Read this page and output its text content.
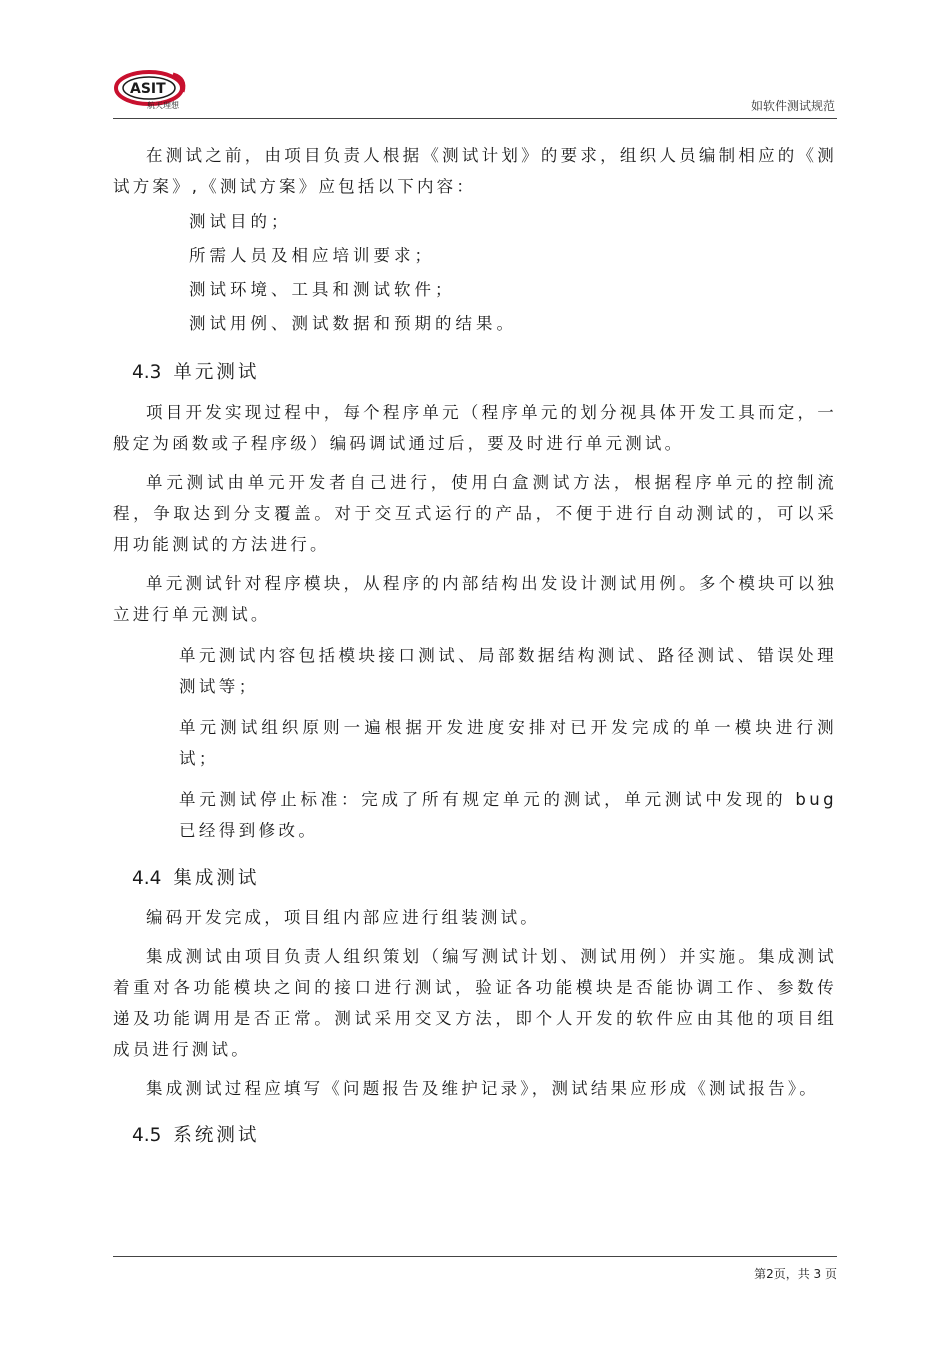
ASIT
航天理想	如软件测试规范

在测试之前，由项目负责人根据《测试计划》的要求，组织人员编制相应的《测试方案》,《测试方案》应包括以下内容：

测试目的；

所需人员及相应培训要求；

测试环境、工具和测试软件；

测试用例、测试数据和预期的结果。

4.3 单元测试

项目开发实现过程中，每个程序单元（程序单元的划分视具体开发工具而定，一般定为函数或子程序级）编码调试通过后，要及时进行单元测试。

单元测试由单元开发者自己进行，使用白盒测试方法，根据程序单元的控制流程，争取达到分支覆盖。对于交互式运行的产品，不便于进行自动测试的，可以采用功能测试的方法进行。

单元测试针对程序模块，从程序的内部结构出发设计测试用例。多个模块可以独立进行单元测试。

单元测试内容包括模块接口测试、局部数据结构测试、路径测试、错误处理测试等；

单元测试组织原则一遍根据开发进度安排对已开发完成的单一模块进行测试；

单元测试停止标准：完成了所有规定单元的测试，单元测试中发现的 bug 已经得到修改。

4.4 集成测试

编码开发完成，项目组内部应进行组装测试。

集成测试由项目负责人组织策划（编写测试计划、测试用例）并实施。集成测试着重对各功能模块之间的接口进行测试，验证各功能模块是否能协调工作、参数传递及功能调用是否正常。测试采用交叉方法，即个人开发的软件应由其他的项目组成员进行测试。

集成测试过程应填写《问题报告及维护记录》，测试结果应形成《测试报告》。

4.5 系统测试
第2页，共 3 页
